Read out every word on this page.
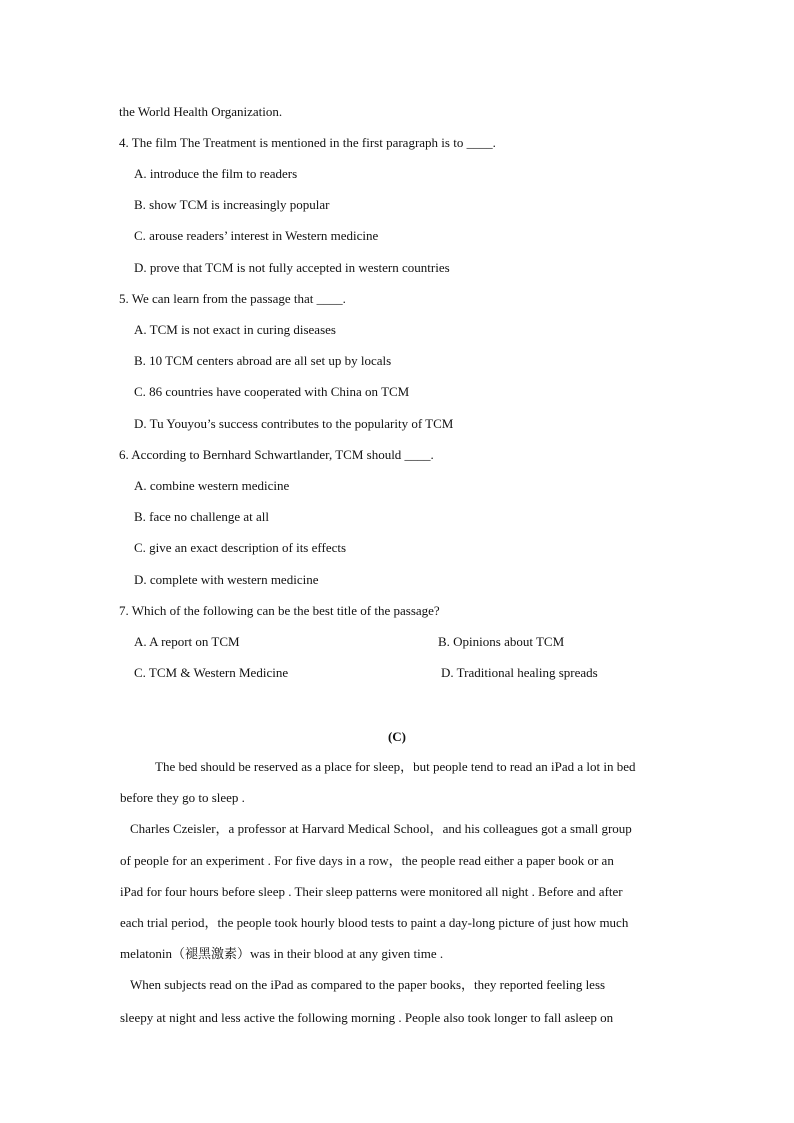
the World Health Organization.
4. The film The Treatment is mentioned in the first paragraph is to ____.
A. introduce the film to readers
B. show TCM is increasingly popular
C. arouse readers’ interest in Western medicine
D. prove that TCM is not fully accepted in western countries
5. We can learn from the passage that ____.
A. TCM is not exact in curing diseases
B. 10 TCM centers abroad are all set up by locals
C. 86 countries have cooperated with China on TCM
D. Tu Youyou’s success contributes to the popularity of TCM
6. According to Bernhard Schwartlander, TCM should ____.
A. combine western medicine
B. face no challenge at all
C. give an exact description of its effects
D. complete with western medicine
7. Which of the following can be the best title of the passage?
A. A report on TCM	B. Opinions about TCM
C. TCM & Western Medicine	D. Traditional healing spreads
(C)
The bed should be reserved as a place for sleep，but people tend to read an iPad a lot in bed
before they go to sleep .
Charles Czeisler，a professor at Harvard Medical School，and his colleagues got a small group
of people for an experiment . For five days in a row，the people read either a paper book or an
iPad for four hours before sleep . Their sleep patterns were monitored all night . Before and after
each trial period，the people took hourly blood tests to paint a day-long picture of just how much
melatonin（褪黑激素）was in their blood at any given time .
When subjects read on the iPad as compared to the paper books，they reported feeling less
sleepy at night and less active the following morning . People also took longer to fall asleep on
